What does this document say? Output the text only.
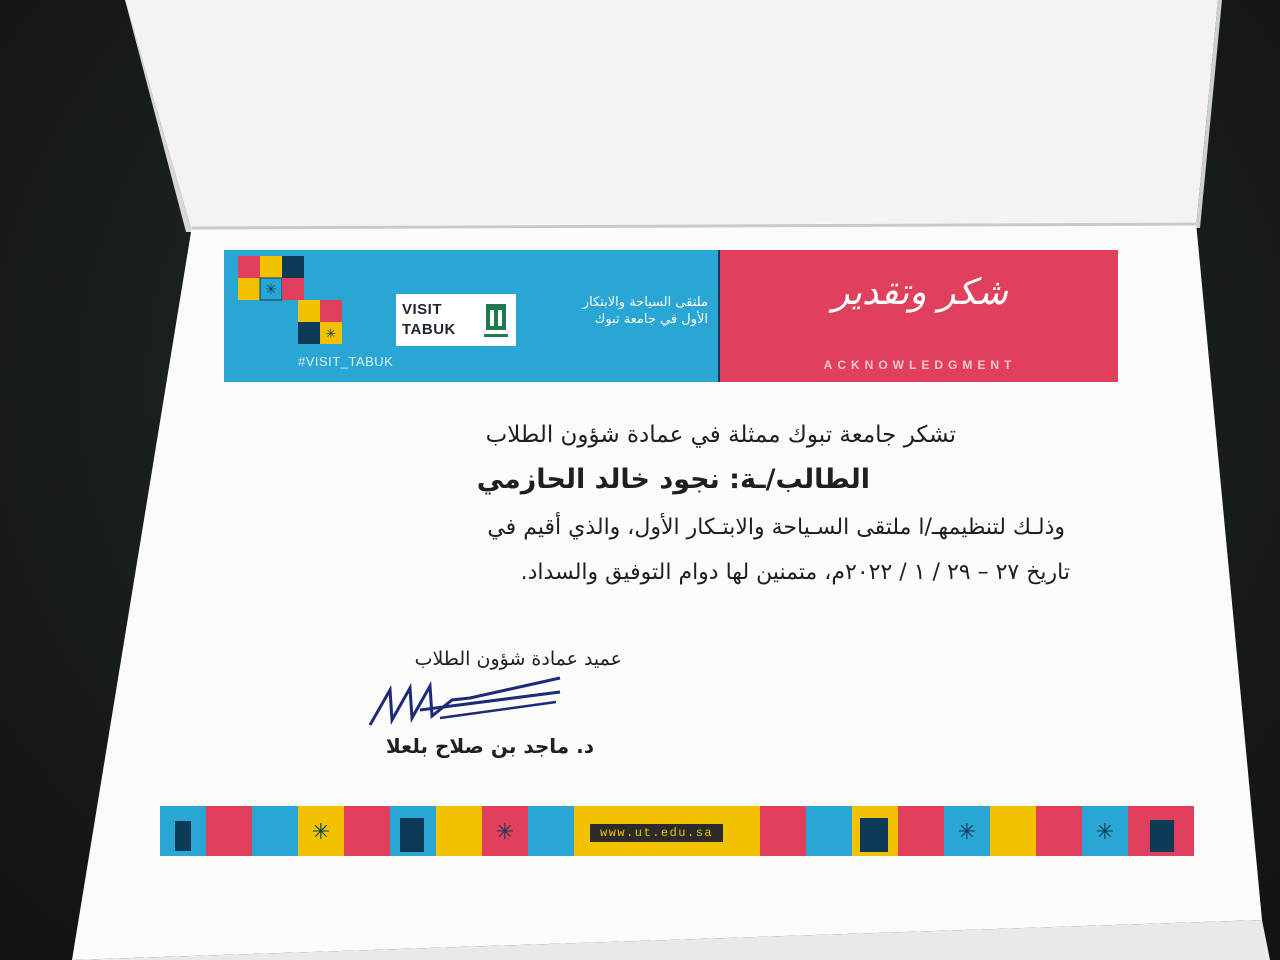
✳
✳
VISIT
TABUK
ملتقى السياحة والابتكار
الأول في جامعة تبوك
#VISIT_TABUK
شكر وتقدير
ACKNOWLEDGMENT
تشكر جامعة تبوك ممثلة في عمادة شؤون الطلاب
الطالب/ـة: نجود خالد الحازمي
وذلـك لتنظيمهـ/ا ملتقى السـياحة والابتـكار الأول، والذي أقيم في
تاريخ ٢٧ – ٢٩ / ١ / ٢٠٢٢م، متمنين لها دوام التوفيق والسداد.
عميد عمادة شؤون الطلاب
د. ماجد بن صلاح بلعلا
✳	✳	✳	✳
www.ut.edu.sa
